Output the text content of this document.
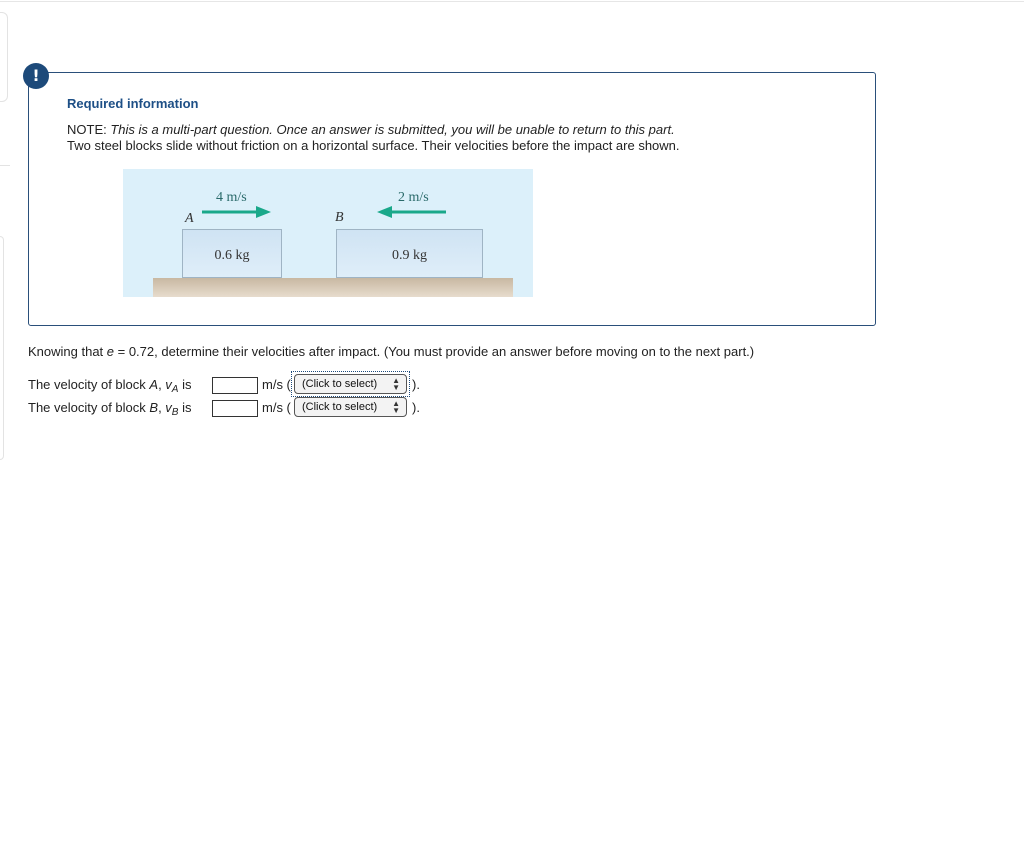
!
Required information
NOTE: This is a multi-part question. Once an answer is submitted, you will be unable to return to this part.
Two steel blocks slide without friction on a horizontal surface. Their velocities before the impact are shown.
0.6 kg	0.9 kg
A	B
4 m/s	2 m/s
Knowing that e = 0.72, determine their velocities after impact. (You must provide an answer before moving on to the next part.)
The velocity of block A, $v_A$ is	m/s (	(Click to select) ▲
▼ ).
The velocity of block B, $v_B$ is	m/s (	(Click to select) ▲
▼ ).
